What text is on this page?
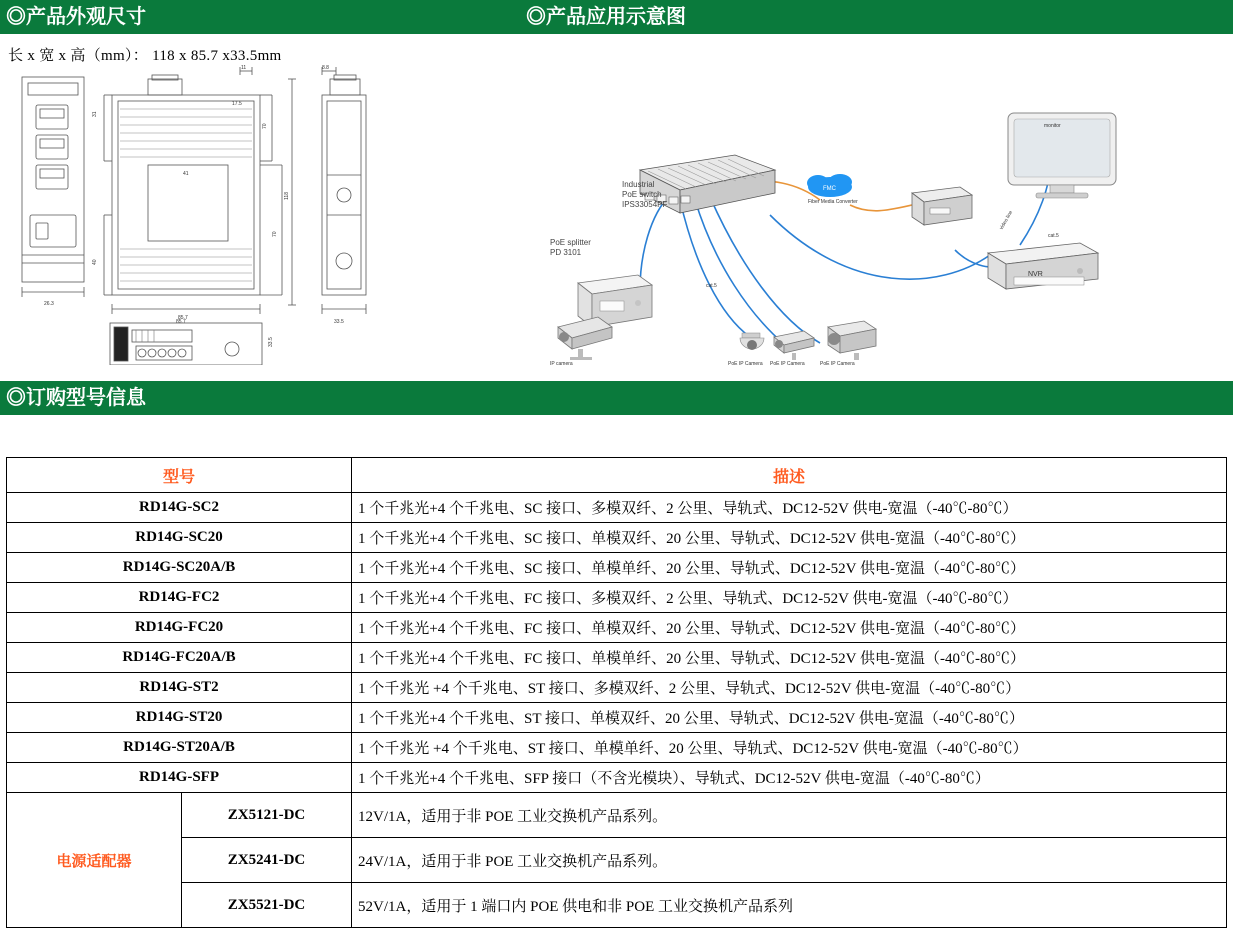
◎产品外观尺寸	◎产品应用示意图
长 x 宽 x 高（mm）： 118 x 85.7 x33.5mm
26.3
31
40
41
70
70
118
11
17.5
85.7	33.5
8.8
85.7
33.5
FMC
Fiber Media Converter
monitor
NVR
cat.5
video line
IP camera	PoE IP Camera PoE IP Camera	PoE IP Camera
Industrial
PoE switch
IPS33054PF
PoE splitter
PD 3101
cat.5
◎订购型号信息
型号		描述
RD14G-SC2		1 个千兆光+4 个千兆电、SC 接口、多模双纤、2 公里、导轨式、DC12-52V 供电-宽温（-40℃-80℃）
RD14G-SC20		1 个千兆光+4 个千兆电、SC 接口、单模双纤、20 公里、导轨式、DC12-52V 供电-宽温（-40℃-80℃）
RD14G-SC20A/B		1 个千兆光+4 个千兆电、SC 接口、单模单纤、20 公里、导轨式、DC12-52V 供电-宽温（-40℃-80℃）
RD14G-FC2		1 个千兆光+4 个千兆电、FC 接口、多模双纤、2 公里、导轨式、DC12-52V 供电-宽温（-40℃-80℃）
RD14G-FC20		1 个千兆光+4 个千兆电、FC 接口、单模双纤、20 公里、导轨式、DC12-52V 供电-宽温（-40℃-80℃）
RD14G-FC20A/B		1 个千兆光+4 个千兆电、FC 接口、单模单纤、20 公里、导轨式、DC12-52V 供电-宽温（-40℃-80℃）
RD14G-ST2		1 个千兆光 +4 个千兆电、ST 接口、多模双纤、2 公里、导轨式、DC12-52V 供电-宽温（-40℃-80℃）
RD14G-ST20		1 个千兆光+4 个千兆电、ST 接口、单模双纤、20 公里、导轨式、DC12-52V 供电-宽温（-40℃-80℃）
RD14G-ST20A/B		1 个千兆光 +4 个千兆电、ST 接口、单模单纤、20 公里、导轨式、DC12-52V 供电-宽温（-40℃-80℃）
RD14G-SFP		1 个千兆光+4 个千兆电、SFP 接口（不含光模块）、导轨式、DC12-52V 供电-宽温（-40℃-80℃）
电源适配器	ZX5121-DC	12V/1A，适用于非 POE 工业交换机产品系列。
	ZX5241-DC	24V/1A，适用于非 POE 工业交换机产品系列。
	ZX5521-DC	52V/1A，适用于 1 端口内 POE 供电和非 POE 工业交换机产品系列
